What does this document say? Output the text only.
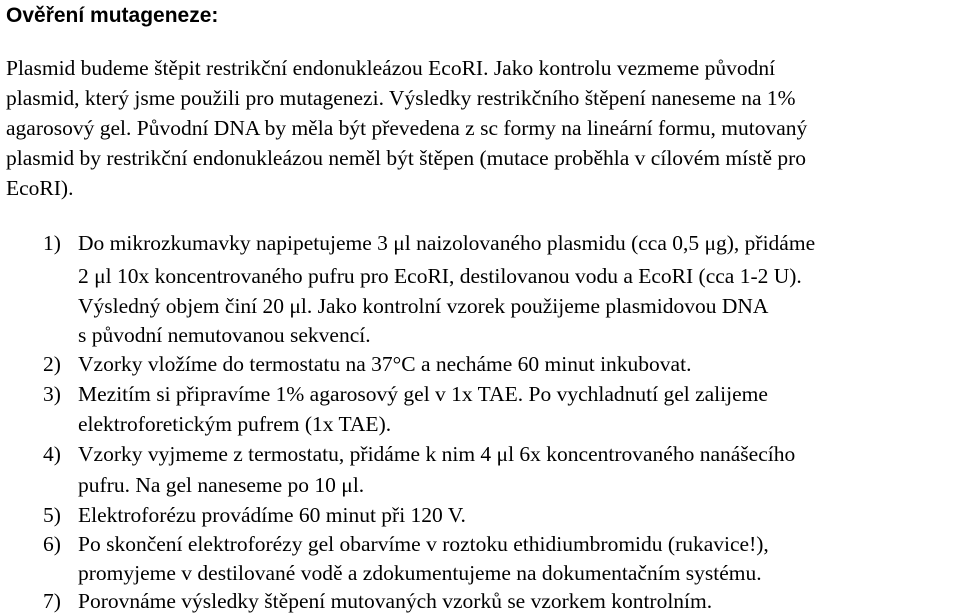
Ověření mutageneze:
Plasmid budeme štěpit restrikční endonukleázou EcoRI. Jako kontrolu vezmeme původní
plasmid, který jsme použili pro mutagenezi. Výsledky restrikčního štěpení naneseme na 1%
agarosový gel. Původní DNA by měla být převedena z sc formy na lineární formu, mutovaný
plasmid by restrikční endonukleázou neměl být štěpen (mutace proběhla v cílovém místě pro
EcoRI).
1) Do mikrozkumavky napipetujeme 3 μl naizolovaného plasmidu (cca 0,5 μg), přidáme
2 μl 10x koncentrovaného pufru pro EcoRI, destilovanou vodu a EcoRI (cca 1-2 U).
Výsledný objem činí 20 μl. Jako kontrolní vzorek použijeme plasmidovou DNA
s původní nemutovanou sekvencí.
2) Vzorky vložíme do termostatu na 37°C a necháme 60 minut inkubovat.
3) Mezitím si připravíme 1% agarosový gel v 1x TAE. Po vychladnutí gel zalijeme
elektroforetickým pufrem (1x TAE).
4) Vzorky vyjmeme z termostatu, přidáme k nim 4 μl 6x koncentrovaného nanášecího
pufru. Na gel naneseme po 10 μl.
5) Elektroforézu provádíme 60 minut při 120 V.
6) Po skončení elektroforézy gel obarvíme v roztoku ethidiumbromidu (rukavice!),
promyjeme v destilované vodě a zdokumentujeme na dokumentačním systému.
7) Porovnáme výsledky štěpení mutovaných vzorků se vzorkem kontrolním.
